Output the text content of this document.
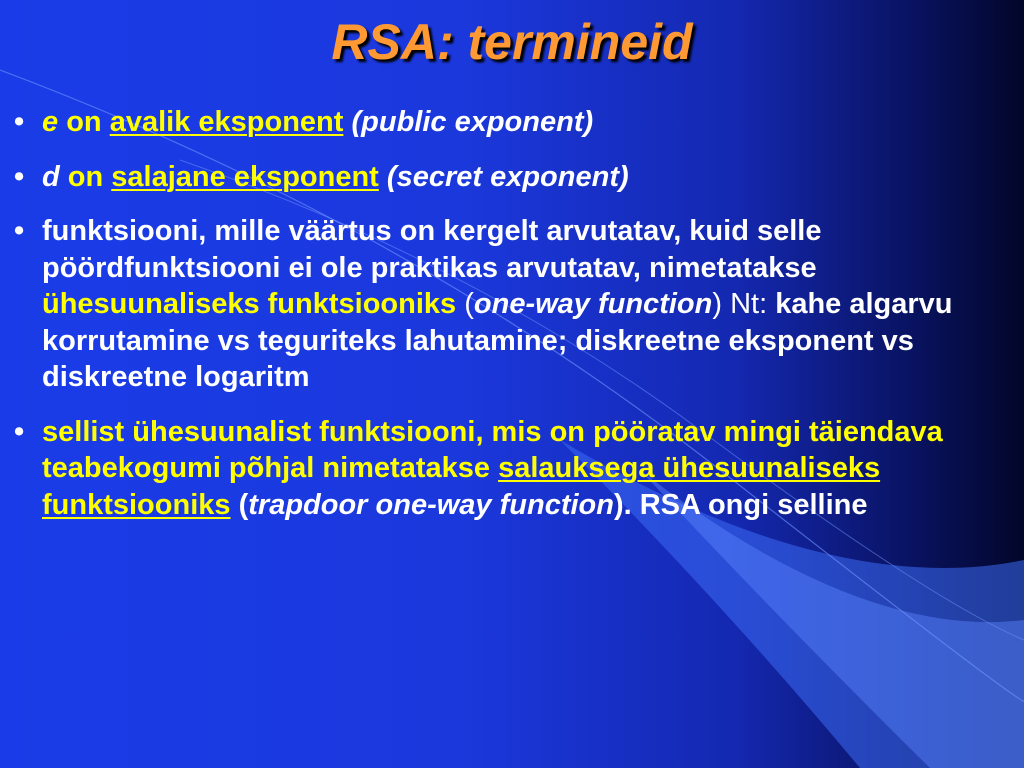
RSA: termineid
• e on avalik eksponent (public exponent)
• d on salajane eksponent (secret exponent)
• funktsiooni, mille väärtus on kergelt arvutatav, kuid selle pöördfunktsiooni ei ole praktikas arvutatav, nimetatakse ühesuunaliseks funktsiooniks (one-way function) Nt: kahe algarvu korrutamine vs teguriteks lahutamine; diskreetne eksponent vs diskreetne logaritm
• sellist ühesuunalist funktsiooni, mis on pööratav mingi täiendava teabekogumi põhjal nimetatakse salauksega ühesuunaliseks funktsiooniks (trapdoor one-way function). RSA ongi selline
